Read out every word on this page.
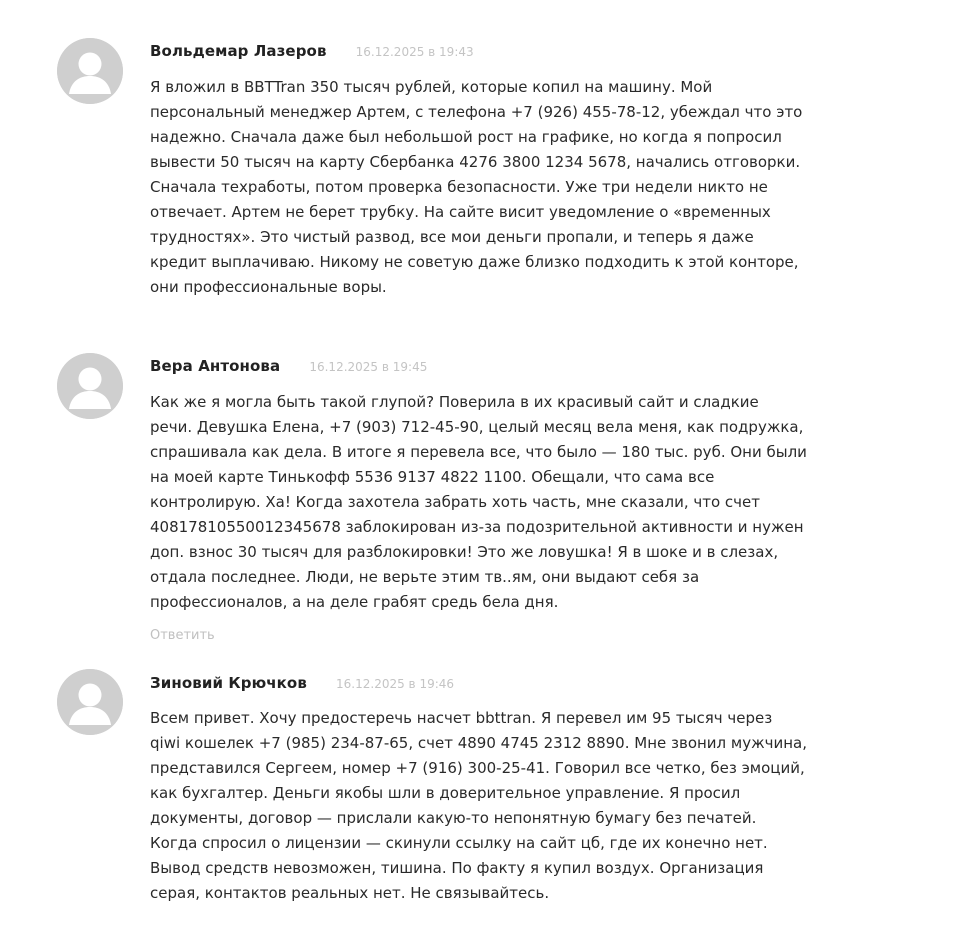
Вольдемар Лазеров 16.12.2025 в 19:43
Я вложил в BBTTran 350 тысяч рублей, которые копил на машину. Мой
персональный менеджер Артем, с телефона +7 (926) 455-78-12, убеждал что это
надежно. Сначала даже был небольшой рост на графике, но когда я попросил
вывести 50 тысяч на карту Сбербанка 4276 3800 1234 5678, начались отговорки.
Сначала техработы, потом проверка безопасности. Уже три недели никто не
отвечает. Артем не берет трубку. На сайте висит уведомление о «временных
трудностях». Это чистый развод, все мои деньги пропали, и теперь я даже
кредит выплачиваю. Никому не советую даже близко подходить к этой конторе,
они профессиональные воры.
Вера Антонова 16.12.2025 в 19:45
Как же я могла быть такой глупой? Поверила в их красивый сайт и сладкие
речи. Девушка Елена, +7 (903) 712-45-90, целый месяц вела меня, как подружка,
спрашивала как дела. В итоге я перевела все, что было — 180 тыс. руб. Они были
на моей карте Тинькофф 5536 9137 4822 1100. Обещали, что сама все
контролирую. Ха! Когда захотела забрать хоть часть, мне сказали, что счет
40817810550012345678 заблокирован из-за подозрительной активности и нужен
доп. взнос 30 тысяч для разблокировки! Это же ловушка! Я в шоке и в слезах,
отдала последнее. Люди, не верьте этим тв..ям, они выдают себя за
профессионалов, а на деле грабят средь бела дня.
Ответить
Зиновий Крючков 16.12.2025 в 19:46
Всем привет. Хочу предостеречь насчет bbttran. Я перевел им 95 тысяч через
qiwi кошелек +7 (985) 234-87-65, счет 4890 4745 2312 8890. Мне звонил мужчина,
представился Сергеем, номер +7 (916) 300-25-41. Говорил все четко, без эмоций,
как бухгалтер. Деньги якобы шли в доверительное управление. Я просил
документы, договор — прислали какую-то непонятную бумагу без печатей.
Когда спросил о лицензии — скинули ссылку на сайт цб, где их конечно нет.
Вывод средств невозможен, тишина. По факту я купил воздух. Организация
серая, контактов реальных нет. Не связывайтесь.
